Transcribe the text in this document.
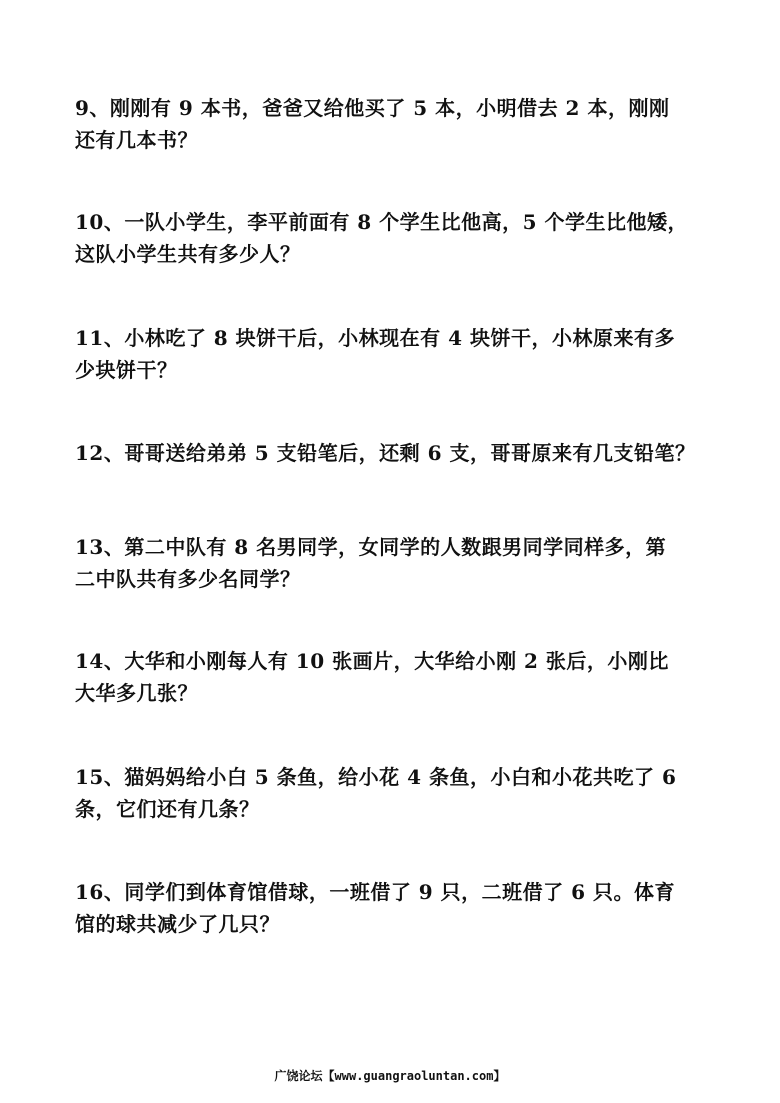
9、刚刚有 9 本书，爸爸又给他买了 5 本，小明借去 2 本，刚刚
还有几本书？
10、一队小学生，李平前面有 8 个学生比他高，5 个学生比他矮，
这队小学生共有多少人？
11、小林吃了 8 块饼干后，小林现在有 4 块饼干，小林原来有多
少块饼干？
12、哥哥送给弟弟 5 支铅笔后，还剩 6 支，哥哥原来有几支铅笔？
13、第二中队有 8 名男同学，女同学的人数跟男同学同样多，第
二中队共有多少名同学？
14、大华和小刚每人有 10 张画片，大华给小刚 2 张后，小刚比
大华多几张？
15、猫妈妈给小白 5 条鱼，给小花 4 条鱼，小白和小花共吃了 6
条，它们还有几条？
16、同学们到体育馆借球，一班借了 9 只，二班借了 6 只。体育
馆的球共减少了几只？
广饶论坛【www.guangraoluntan.com】
